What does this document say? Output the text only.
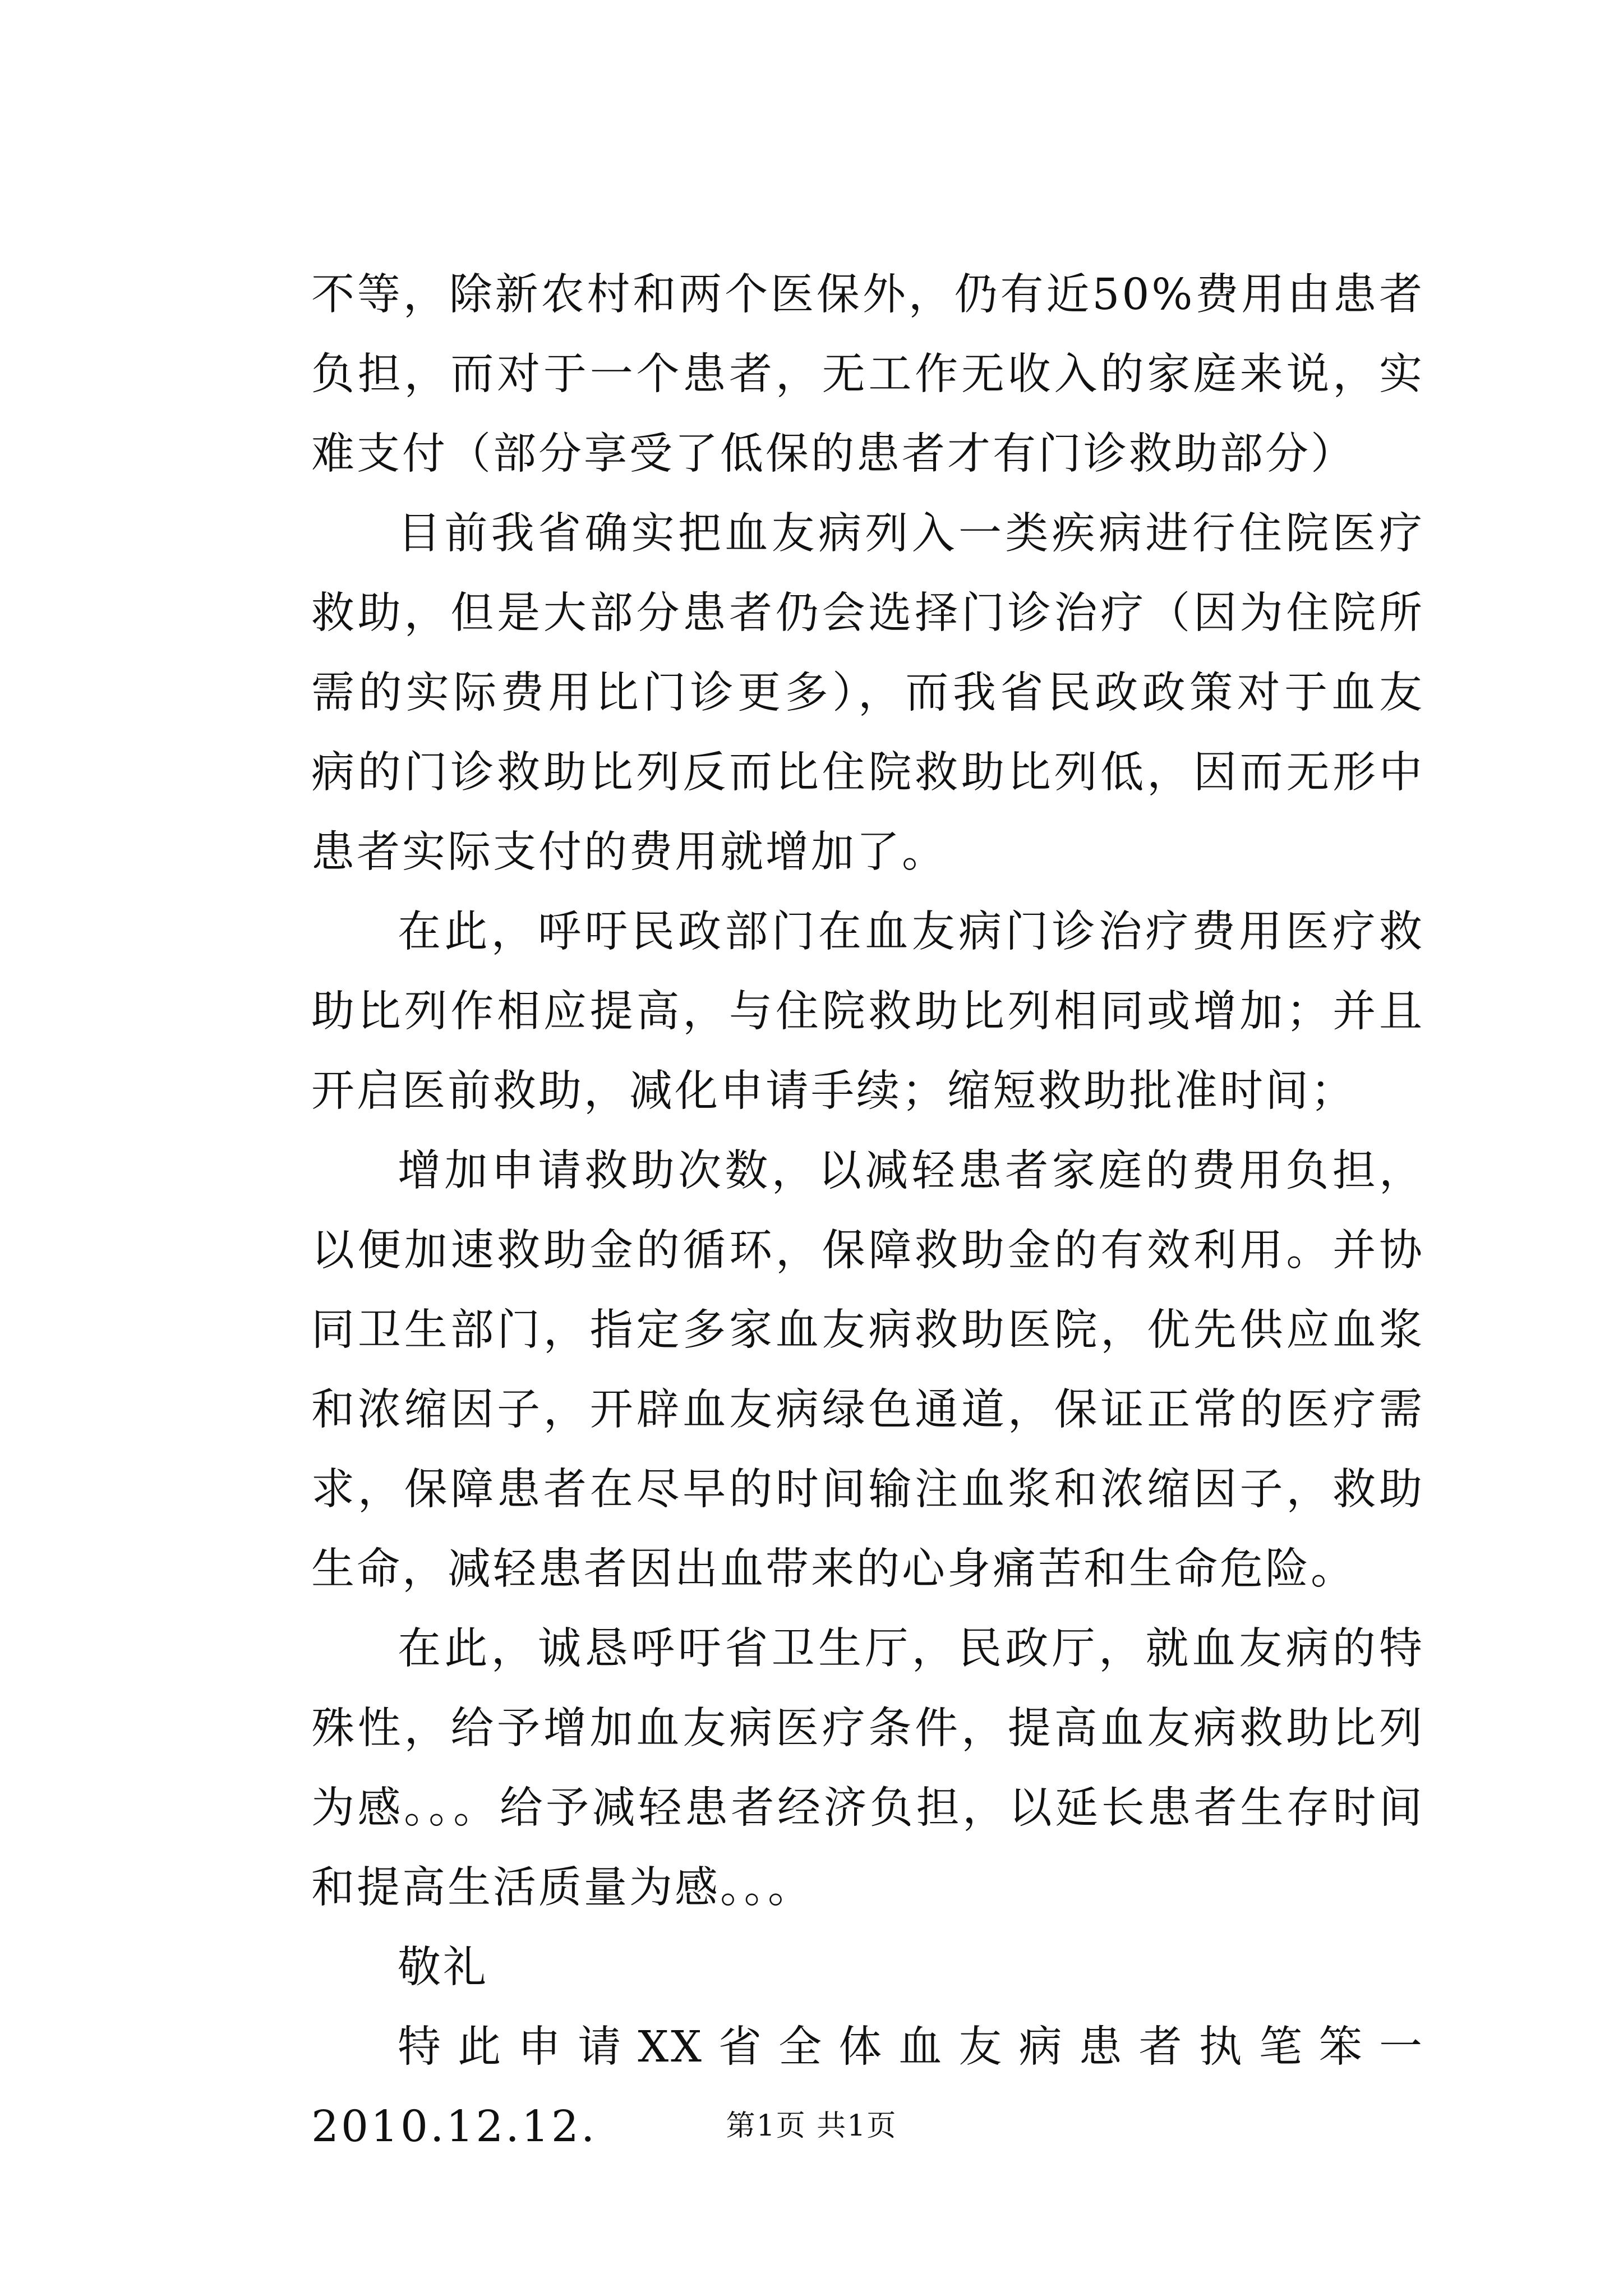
不等，除新农村和两个医保外，仍有近50%费用由患者负担，而对于一个患者，无工作无收入的家庭来说，实难支付（部分享受了低保的患者才有门诊救助部分）

目前我省确实把血友病列入一类疾病进行住院医疗救助，但是大部分患者仍会选择门诊治疗（因为住院所需的实际费用比门诊更多），而我省民政政策对于血友病的门诊救助比列反而比住院救助比列低，因而无形中患者实际支付的费用就增加了。

在此，呼吁民政部门在血友病门诊治疗费用医疗救助比列作相应提高，与住院救助比列相同或增加；并且开启医前救助，减化申请手续；缩短救助批准时间；

增加申请救助次数，以减轻患者家庭的费用负担，以便加速救助金的循环，保障救助金的有效利用。并协同卫生部门，指定多家血友病救助医院，优先供应血浆和浓缩因子，开辟血友病绿色通道，保证正常的医疗需求，保障患者在尽早的时间输注血浆和浓缩因子，救助生命，减轻患者因出血带来的心身痛苦和生命危险。

在此，诚恳呼吁省卫生厅，民政厅，就血友病的特殊性，给予增加血友病医疗条件，提高血友病救助比列为感。。。给予减轻患者经济负担，以延长患者生存时间和提高生活质量为感。。。

敬礼

特此申请XX省全体血友病患者执笔笨一2010.12.12.	第1页 共1页
